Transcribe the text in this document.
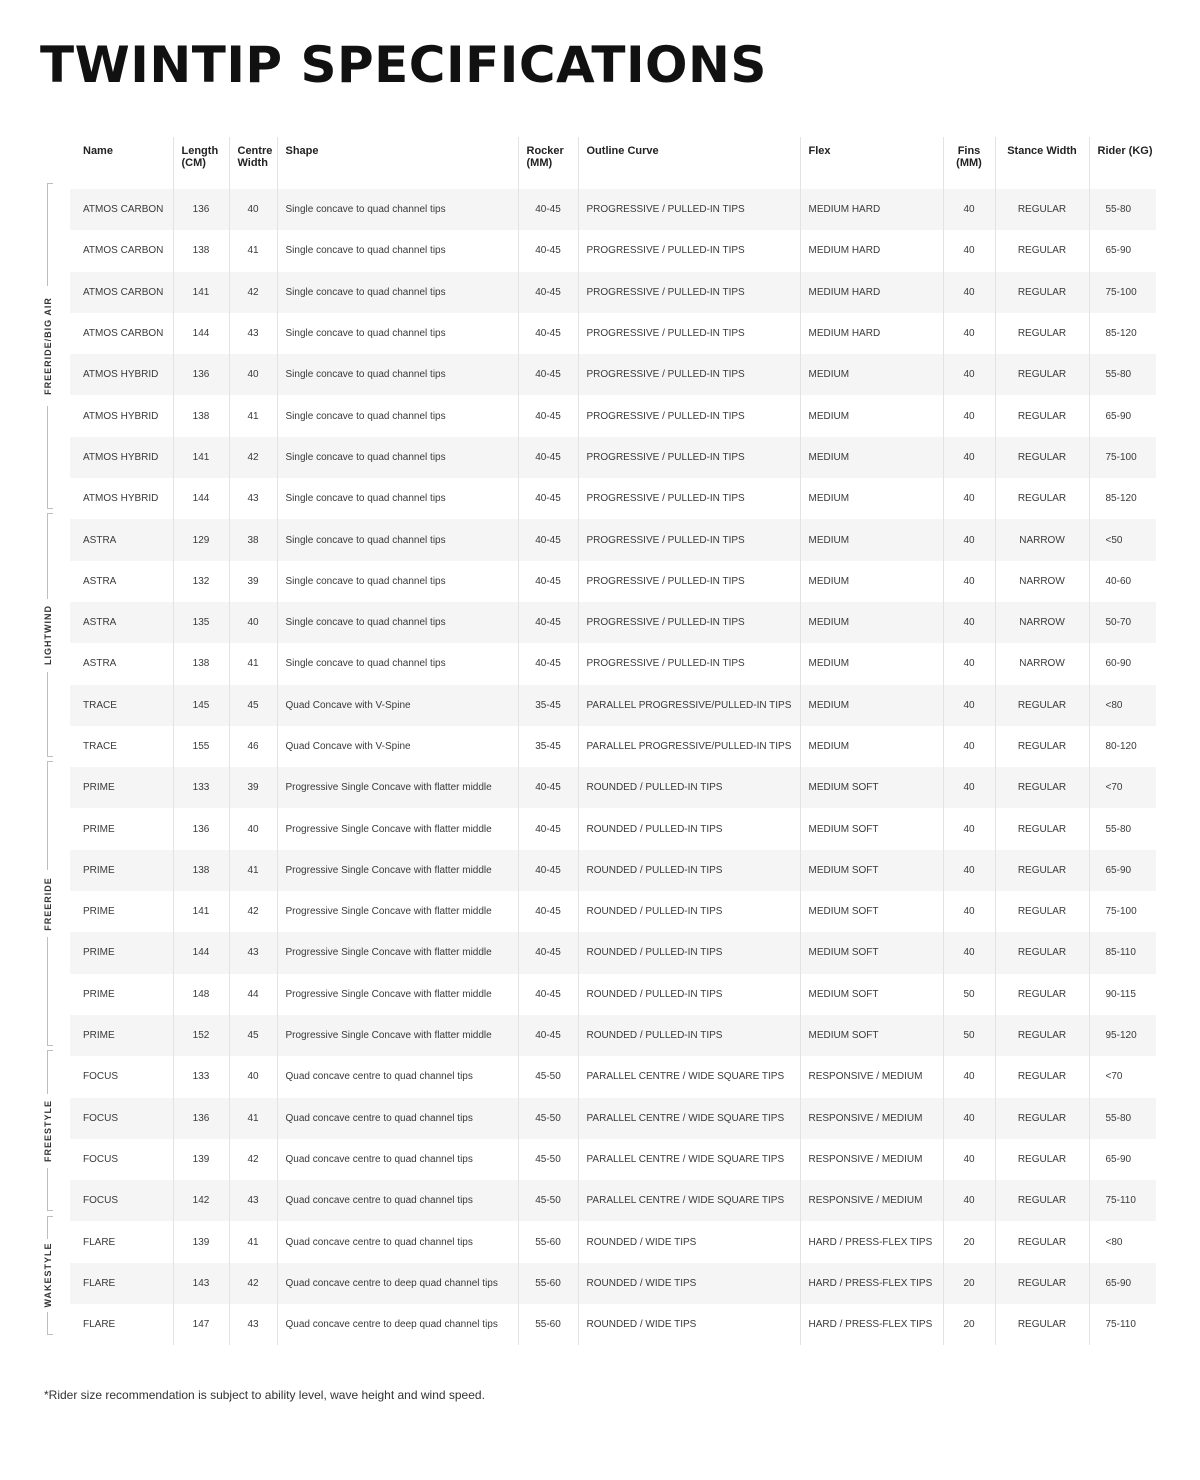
TWINTIP SPECIFICATIONS
Name	Length (CM)	Centre Width	Shape	Rocker (MM)	Outline Curve	Flex	Fins (MM)	Stance Width	Rider (KG)
ATMOS CARBON	136	40	Single concave to quad channel tips	40-45	PROGRESSIVE / PULLED-IN TIPS	MEDIUM HARD	40	REGULAR	55-80
ATMOS CARBON	138	41	Single concave to quad channel tips	40-45	PROGRESSIVE / PULLED-IN TIPS	MEDIUM HARD	40	REGULAR	65-90
ATMOS CARBON	141	42	Single concave to quad channel tips	40-45	PROGRESSIVE / PULLED-IN TIPS	MEDIUM HARD	40	REGULAR	75-100
ATMOS CARBON	144	43	Single concave to quad channel tips	40-45	PROGRESSIVE / PULLED-IN TIPS	MEDIUM HARD	40	REGULAR	85-120
ATMOS HYBRID	136	40	Single concave to quad channel tips	40-45	PROGRESSIVE / PULLED-IN TIPS	MEDIUM	40	REGULAR	55-80
ATMOS HYBRID	138	41	Single concave to quad channel tips	40-45	PROGRESSIVE / PULLED-IN TIPS	MEDIUM	40	REGULAR	65-90
ATMOS HYBRID	141	42	Single concave to quad channel tips	40-45	PROGRESSIVE / PULLED-IN TIPS	MEDIUM	40	REGULAR	75-100
ATMOS HYBRID	144	43	Single concave to quad channel tips	40-45	PROGRESSIVE / PULLED-IN TIPS	MEDIUM	40	REGULAR	85-120
ASTRA	129	38	Single concave to quad channel tips	40-45	PROGRESSIVE / PULLED-IN TIPS	MEDIUM	40	NARROW	<50
ASTRA	132	39	Single concave to quad channel tips	40-45	PROGRESSIVE / PULLED-IN TIPS	MEDIUM	40	NARROW	40-60
ASTRA	135	40	Single concave to quad channel tips	40-45	PROGRESSIVE / PULLED-IN TIPS	MEDIUM	40	NARROW	50-70
ASTRA	138	41	Single concave to quad channel tips	40-45	PROGRESSIVE / PULLED-IN TIPS	MEDIUM	40	NARROW	60-90
TRACE	145	45	Quad Concave with V-Spine	35-45	PARALLEL PROGRESSIVE/PULLED-IN TIPS	MEDIUM	40	REGULAR	<80
TRACE	155	46	Quad Concave with V-Spine	35-45	PARALLEL PROGRESSIVE/PULLED-IN TIPS	MEDIUM	40	REGULAR	80-120
PRIME	133	39	Progressive Single Concave with flatter middle	40-45	ROUNDED / PULLED-IN TIPS	MEDIUM SOFT	40	REGULAR	<70
PRIME	136	40	Progressive Single Concave with flatter middle	40-45	ROUNDED / PULLED-IN TIPS	MEDIUM SOFT	40	REGULAR	55-80
PRIME	138	41	Progressive Single Concave with flatter middle	40-45	ROUNDED / PULLED-IN TIPS	MEDIUM SOFT	40	REGULAR	65-90
PRIME	141	42	Progressive Single Concave with flatter middle	40-45	ROUNDED / PULLED-IN TIPS	MEDIUM SOFT	40	REGULAR	75-100
PRIME	144	43	Progressive Single Concave with flatter middle	40-45	ROUNDED / PULLED-IN TIPS	MEDIUM SOFT	40	REGULAR	85-110
PRIME	148	44	Progressive Single Concave with flatter middle	40-45	ROUNDED / PULLED-IN TIPS	MEDIUM SOFT	50	REGULAR	90-115
PRIME	152	45	Progressive Single Concave with flatter middle	40-45	ROUNDED / PULLED-IN TIPS	MEDIUM SOFT	50	REGULAR	95-120
FOCUS	133	40	Quad concave centre to quad channel tips	45-50	PARALLEL CENTRE / WIDE SQUARE TIPS	RESPONSIVE / MEDIUM	40	REGULAR	<70
FOCUS	136	41	Quad concave centre to quad channel tips	45-50	PARALLEL CENTRE / WIDE SQUARE TIPS	RESPONSIVE / MEDIUM	40	REGULAR	55-80
FOCUS	139	42	Quad concave centre to quad channel tips	45-50	PARALLEL CENTRE / WIDE SQUARE TIPS	RESPONSIVE / MEDIUM	40	REGULAR	65-90
FOCUS	142	43	Quad concave centre to quad channel tips	45-50	PARALLEL CENTRE / WIDE SQUARE TIPS	RESPONSIVE / MEDIUM	40	REGULAR	75-110
FLARE	139	41	Quad concave centre to quad channel tips	55-60	ROUNDED / WIDE TIPS	HARD / PRESS-FLEX TIPS	20	REGULAR	<80
FLARE	143	42	Quad concave centre to deep quad channel tips	55-60	ROUNDED / WIDE TIPS	HARD / PRESS-FLEX TIPS	20	REGULAR	65-90
FLARE	147	43	Quad concave centre to deep quad channel tips	55-60	ROUNDED / WIDE TIPS	HARD / PRESS-FLEX TIPS	20	REGULAR	75-110
FREERIDE/BIG AIR
LIGHTWIND
FREERIDE
FREESTYLE
WAKESTYLE
*Rider size recommendation is subject to ability level, wave height and wind speed.
